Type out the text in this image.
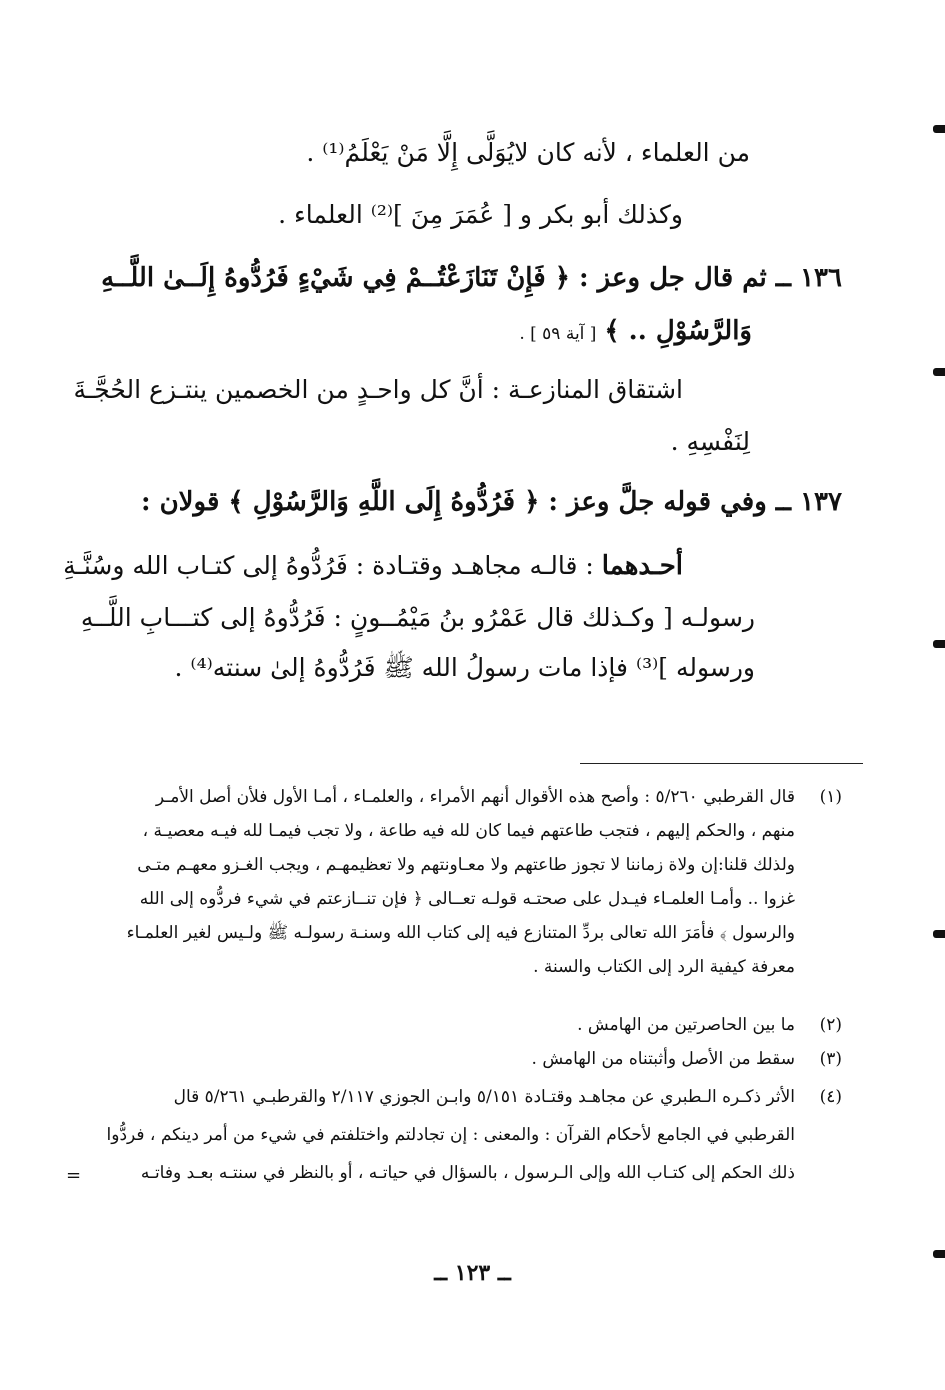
من العلماء ، لأنه كان لايُوَلَّى إِلَّا مَنْ يَعْلَمُ⁽¹⁾ .
وكذلك أبو بكر و [ عُمَرَ مِنَ ]⁽²⁾ العلماء .
١٣٦ ــ ثم قال جل وعز : ﴿ فَإِنْ تَنَازَعْتُــمْ فِي شَيْءٍ فَرُدُّوهُ إِلَــىٰ اللَّــهِ
وَالرَّسُوْلِ .. ﴾ [ آية ٥٩ ] .
اشتقاق المنازعـة : أنَّ كل واحـدٍ من الخصمين ينتـزع الحُجَّـةَ
لِنَفْسِهِ .
١٣٧ ــ وفي قوله جلَّ وعز : ﴿ فَرُدُّوهُ إِلَى اللَّهِ وَالرَّسُوْلِ ﴾ قولان :
أحـدهما : قالـه مجاهـد وقتـادة : فَرُدُّوهُ إلى كتـاب الله وسُنَّـةِ
رسولـه [ وكـذلك قال عَمْرُو بنُ مَيْمُــونٍ : فَرُدُّوهُ إلى كتـــابِ اللَّــهِ
ورسوله ]⁽³⁾ فإذا مات رسولُ الله ﷺ فَرُدُّوهُ إلىٰ سنته⁽⁴⁾ .
(١)
قال القرطبي ٥/٢٦٠ : وأصح هذه الأقوال أنهم الأمراء ، والعلمـاء ، أمـا الأول فلأن أصل الأمـر
منهم ، والحكم إليهم ، فتجب طاعتهم فيما كان لله فيه طاعة ، ولا تجب فيمـا لله فيـه معصيـة ،
ولذلك قلنا:إن ولاة زماننا لا تجوز طاعتهم ولا معـاونتهم ولا تعظيمهـم ، ويجب الغـزو معهـم متـى
غزوا .. وأمـا العلمـاء فيـدل على صحتـه قولـه تعــالى ﴿ فإن تنــازعتم في شيء فردُّوه إلى الله
والرسول ﴾ فأمَرَ الله تعالى بردِّ المتنازع فيه إلى كتاب الله وسنـة رسولـه ﷺ ولـيس لغير العلمـاء
معرفة كيفية الرد إلى الكتاب والسنة .
(٢)
ما بين الحاصرتين من الهامش .
(٣)
سقط من الأصل وأثبتناه من الهامش .
(٤)
الأثر ذكـره الـطبري عن مجاهـد وقتـادة ٥/١٥١ وابـن الجوزي ٢/١١٧ والقرطبـي ٥/٢٦١ قال
القرطبي في الجامع لأحكام القرآن : والمعنى : إن تجادلتم واختلفتم في شيء من أمر دينكم ، فردُّوا
ذلك الحكم إلى كتـاب الله وإلى الـرسول ، بالسؤال في حياتـه ، أو بالنظر في سنتـه بعـد وفاتـه
=
ــ ١٢٣ ــ
